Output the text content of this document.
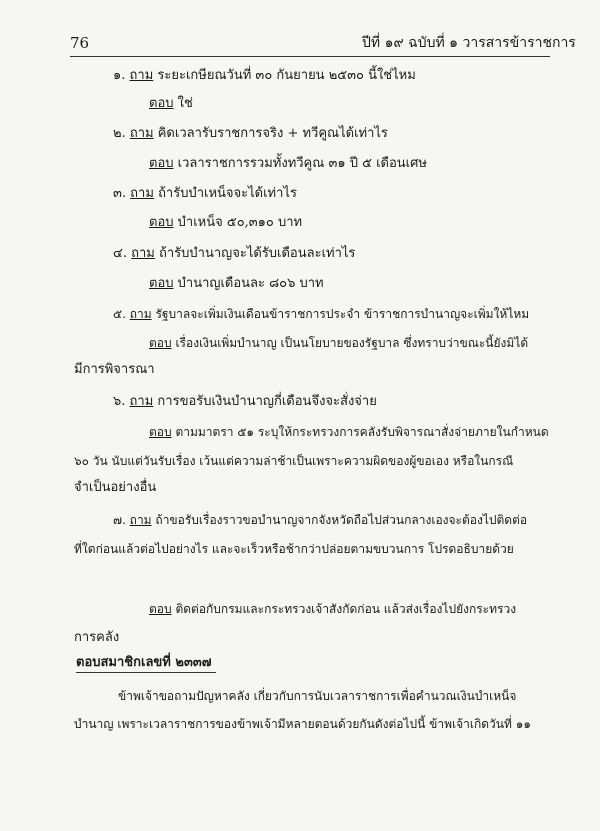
76	ปีที่ ๑๙ ฉบับที่ ๑ วารสารข้าราชการ
๑. ถาม ระยะเกษียณวันที่ ๓๐ กันยายน ๒๕๓๐ นี้ใช่ไหม
ตอบ ใช่
๒. ถาม คิดเวลารับราชการจริง + ทวีคูณได้เท่าไร
ตอบ เวลาราชการรวมทั้งทวีคูณ ๓๑ ปี ๕ เดือนเศษ
๓. ถาม ถ้ารับบำเหน็จจะได้เท่าไร
ตอบ บำเหน็จ ๕๐,๓๑๐ บาท
๔. ถาม ถ้ารับบำนาญจะได้รับเดือนละเท่าไร
ตอบ บำนาญเดือนละ ๘๐๖ บาท
๕. ถาม รัฐบาลจะเพิ่มเงินเดือนข้าราชการประจำ ข้าราชการบำนาญจะเพิ่มให้ไหม
ตอบ เรื่องเงินเพิ่มบำนาญ เป็นนโยบายของรัฐบาล ซึ่งทราบว่าขณะนี้ยังมิได้
มีการพิจารณา
๖. ถาม การขอรับเงินบำนาญกี่เดือนจึงจะสั่งจ่าย
ตอบ ตามมาตรา ๕๑ ระบุให้กระทรวงการคลังรับพิจารณาสั่งจ่ายภายในกำหนด
๖๐ วัน นับแต่วันรับเรื่อง เว้นแต่ความล่าช้าเป็นเพราะความผิดของผู้ขอเอง หรือในกรณี
จำเป็นอย่างอื่น
๗. ถาม ถ้าขอรับเรื่องราวขอบำนาญจากจังหวัดถือไปส่วนกลางเองจะต้องไปติดต่อ
ที่ใดก่อนแล้วต่อไปอย่างไร และจะเร็วหรือช้ากว่าปล่อยตามขบวนการ โปรดอธิบายด้วย
ตอบ ติดต่อกับกรมและกระทรวงเจ้าสังกัดก่อน แล้วส่งเรื่องไปยังกระทรวง
การคลัง
ตอบสมาชิกเลขที่ ๒๓๓๗
ข้าพเจ้าขอถามปัญหาคลัง เกี่ยวกับการนับเวลาราชการเพื่อคำนวณเงินบำเหน็จ
บำนาญ เพราะเวลาราชการของข้าพเจ้ามีหลายตอนด้วยกันดังต่อไปนี้ ข้าพเจ้าเกิดวันที่ ๑๑
